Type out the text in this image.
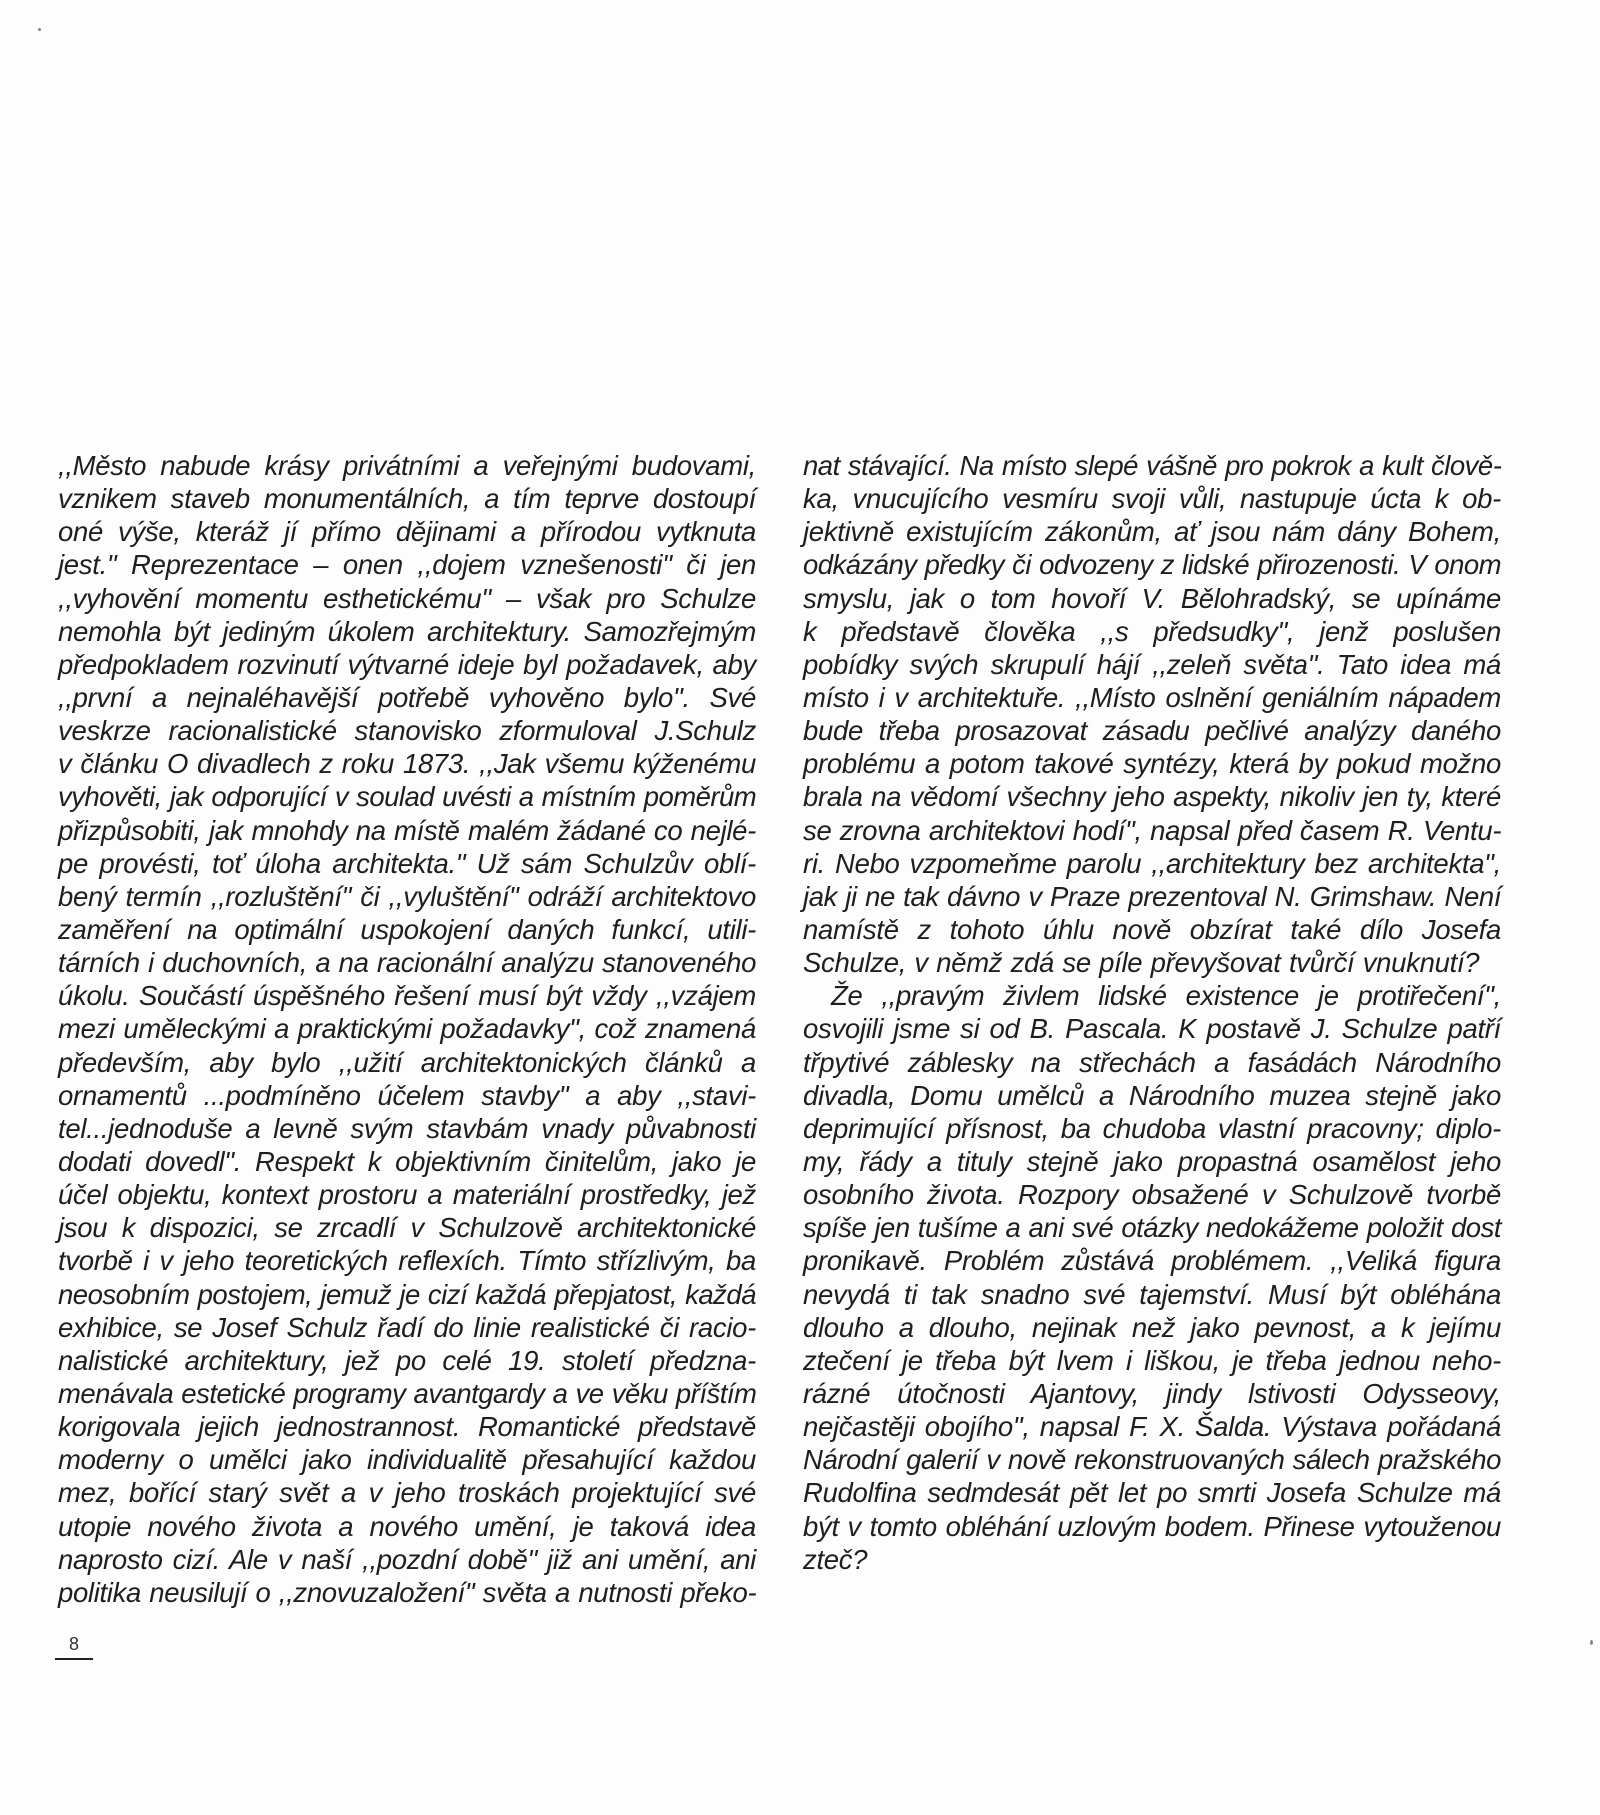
,,Město nabude krásy privátními a veřejnými budovami,
vznikem staveb monumentálních, a tím teprve dostoupí
oné výše, kteráž jí přímo dějinami a přírodou vytknuta
jest." Reprezentace – onen ,,dojem vznešenosti" či jen
,,vyhovění momentu esthetickému" – však pro Schulze
nemohla být jediným úkolem architektury. Samozřejmým
předpokladem rozvinutí výtvarné ideje byl požadavek, aby
,,první a nejnaléhavější potřebě vyhověno bylo". Své
veskrze racionalistické stanovisko zformuloval J.Schulz
v článku O divadlech z roku 1873. ,,Jak všemu kýženému
vyhověti, jak odporující v soulad uvésti a místním poměrům
přizpůsobiti, jak mnohdy na místě malém žádané co nejlé-
pe provésti, toť úloha architekta." Už sám Schulzův oblí-
bený termín ,,rozluštění" či ,,vyluštění" odráží architektovo
zaměření na optimální uspokojení daných funkcí, utili-
tárních i duchovních, a na racionální analýzu stanoveného
úkolu. Součástí úspěšného řešení musí být vždy ,,vzájem
mezi uměleckými a praktickými požadavky", což znamená
především, aby bylo ,,užití architektonických článků a
ornamentů ...podmíněno účelem stavby" a aby ,,stavi-
tel...jednoduše a levně svým stavbám vnady půvabnosti
dodati dovedl". Respekt k objektivním činitelům, jako je
účel objektu, kontext prostoru a materiální prostředky, jež
jsou k dispozici, se zrcadlí v Schulzově architektonické
tvorbě i v jeho teoretických reflexích. Tímto střízlivým, ba
neosobním postojem, jemuž je cizí každá přepjatost, každá
exhibice, se Josef Schulz řadí do linie realistické či racio-
nalistické architektury, jež po celé 19. století předzna-
menávala estetické programy avantgardy a ve věku příštím
korigovala jejich jednostrannost. Romantické představě
moderny o umělci jako individualitě přesahující každou
mez, bořící starý svět a v jeho troskách projektující své
utopie nového života a nového umění, je taková idea
naprosto cizí. Ale v naší ,,pozdní době" již ani umění, ani
politika neusilují o ,,znovuzaložení" světa a nutnosti překo-
nat stávající. Na místo slepé vášně pro pokrok a kult člově-
ka, vnucujícího vesmíru svoji vůli, nastupuje úcta k ob-
jektivně existujícím zákonům, ať jsou nám dány Bohem,
odkázány předky či odvozeny z lidské přirozenosti. V onom
smyslu, jak o tom hovoří V. Bělohradský, se upínáme
k představě člověka ,,s předsudky", jenž poslušen
pobídky svých skrupulí hájí ,,zeleň světa". Tato idea má
místo i v architektuře. ,,Místo oslnění geniálním nápadem
bude třeba prosazovat zásadu pečlivé analýzy daného
problému a potom takové syntézy, která by pokud možno
brala na vědomí všechny jeho aspekty, nikoliv jen ty, které
se zrovna architektovi hodí", napsal před časem R. Ventu-
ri. Nebo vzpomeňme parolu ,,architektury bez architekta",
jak ji ne tak dávno v Praze prezentoval N. Grimshaw. Není
namístě z tohoto úhlu nově obzírat také dílo Josefa
Schulze, v němž zdá se píle převyšovat tvůrčí vnuknutí?
Že ,,pravým živlem lidské existence je protiřečení",
osvojili jsme si od B. Pascala. K postavě J. Schulze patří
třpytivé záblesky na střechách a fasádách Národního
divadla, Domu umělců a Národního muzea stejně jako
deprimující přísnost, ba chudoba vlastní pracovny; diplo-
my, řády a tituly stejně jako propastná osamělost jeho
osobního života. Rozpory obsažené v Schulzově tvorbě
spíše jen tušíme a ani své otázky nedokážeme položit dost
pronikavě. Problém zůstává problémem. ,,Veliká figura
nevydá ti tak snadno své tajemství. Musí být obléhána
dlouho a dlouho, nejinak než jako pevnost, a k jejímu
ztečení je třeba být lvem i liškou, je třeba jednou neho-
rázné útočnosti Ajantovy, jindy lstivosti Odysseovy,
nejčastěji obojího", napsal F. X. Šalda. Výstava pořádaná
Národní galerií v nově rekonstruovaných sálech pražského
Rudolfina sedmdesát pět let po smrti Josefa Schulze má
být v tomto obléhání uzlovým bodem. Přinese vytouženou
zteč?
8
